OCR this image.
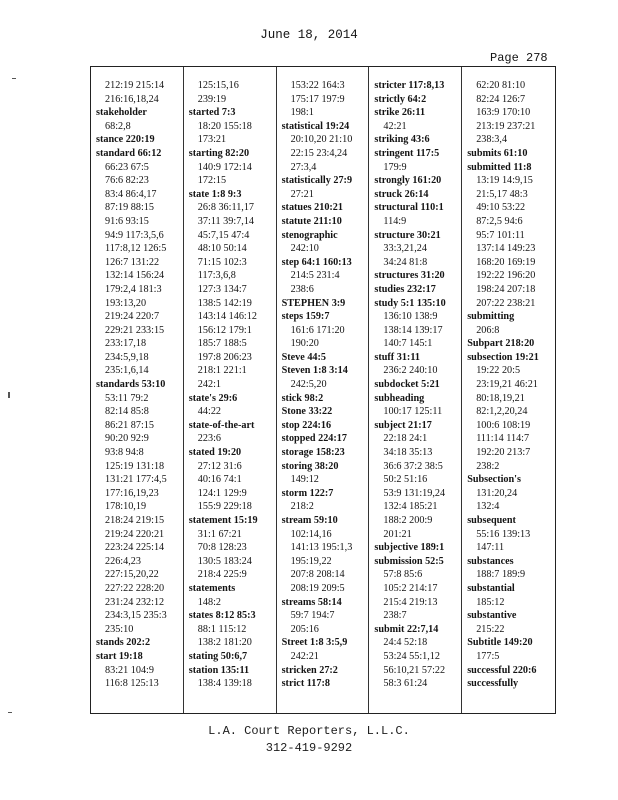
June 18, 2014
Page 278
212:19 215:14
216:16,18,24
stakeholder
68:2,8
stance 220:19
standard 66:12
66:23 67:5
76:6 82:23
83:4 86:4,17
87:19 88:15
91:6 93:15
94:9 117:3,5,6
117:8,12 126:5
126:7 131:22
132:14 156:24
179:2,4 181:3
193:13,20
219:24 220:7
229:21 233:15
233:17,18
234:5,9,18
235:1,6,14
standards 53:10
53:11 79:2
82:14 85:8
86:21 87:15
90:20 92:9
93:8 94:8
125:19 131:18
131:21 177:4,5
177:16,19,23
178:10,19
218:24 219:15
219:24 220:21
223:24 225:14
226:4,23
227:15,20,22
227:22 228:20
231:24 232:12
234:3,15 235:3
235:10
stands 202:2
start 19:18
83:21 104:9
116:8 125:13
125:15,16
239:19
started 7:3
18:20 155:18
173:21
starting 82:20
140:9 172:14
172:15
state 1:8 9:3
26:8 36:11,17
37:11 39:7,14
45:7,15 47:4
48:10 50:14
71:15 102:3
117:3,6,8
127:3 134:7
138:5 142:19
143:14 146:12
156:12 179:1
185:7 188:5
197:8 206:23
218:1 221:1
242:1
state's 29:6
44:22
state-of-the-art
223:6
stated 19:20
27:12 31:6
40:16 74:1
124:1 129:9
155:9 229:18
statement 15:19
31:1 67:21
70:8 128:23
130:5 183:24
218:4 225:9
statements
148:2
states 8:12 85:3
88:1 115:12
138:2 181:20
stating 50:6,7
station 135:11
138:4 139:18
153:22 164:3
175:17 197:9
198:1
statistical 19:24
20:10,20 21:10
22:15 23:4,24
27:3,4
statistically 27:9
27:21
statues 210:21
statute 211:10
stenographic
242:10
step 64:1 160:13
214:5 231:4
238:6
STEPHEN 3:9
steps 159:7
161:6 171:20
190:20
Steve 44:5
Steven 1:8 3:14
242:5,20
stick 98:2
Stone 33:22
stop 224:16
stopped 224:17
storage 158:23
storing 38:20
149:12
storm 122:7
218:2
stream 59:10
102:14,16
141:13 195:1,3
195:19,22
207:8 208:14
208:19 209:5
streams 58:14
59:7 194:7
205:16
Street 1:8 3:5,9
242:21
stricken 27:2
strict 117:8
stricter 117:8,13
strictly 64:2
strike 26:11
42:21
striking 43:6
stringent 117:5
179:9
strongly 161:20
struck 26:14
structural 110:1
114:9
structure 30:21
33:3,21,24
34:24 81:8
structures 31:20
studies 232:17
study 5:1 135:10
136:10 138:9
138:14 139:17
140:7 145:1
stuff 31:11
236:2 240:10
subdocket 5:21
subheading
100:17 125:11
subject 21:17
22:18 24:1
34:18 35:13
36:6 37:2 38:5
50:2 51:16
53:9 131:19,24
132:4 185:21
188:2 200:9
201:21
subjective 189:1
submission 52:5
57:8 85:6
105:2 214:17
215:4 219:13
238:7
submit 22:7,14
24:4 52:18
53:24 55:1,12
56:10,21 57:22
58:3 61:24
62:20 81:10
82:24 126:7
163:9 170:10
213:19 237:21
238:3,4
submits 61:10
submitted 11:8
13:19 14:9,15
21:5,17 48:3
49:10 53:22
87:2,5 94:6
95:7 101:11
137:14 149:23
168:20 169:19
192:22 196:20
198:24 207:18
207:22 238:21
submitting
206:8
Subpart 218:20
subsection 19:21
19:22 20:5
23:19,21 46:21
80:18,19,21
82:1,2,20,24
100:6 108:19
111:14 114:7
192:20 213:7
238:2
Subsection's
131:20,24
132:4
subsequent
55:16 139:13
147:11
substances
188:7 189:9
substantial
185:12
substantive
215:22
Subtitle 149:20
177:5
successful 220:6
successfully
L.A. Court Reporters, L.L.C.
312-419-9292
